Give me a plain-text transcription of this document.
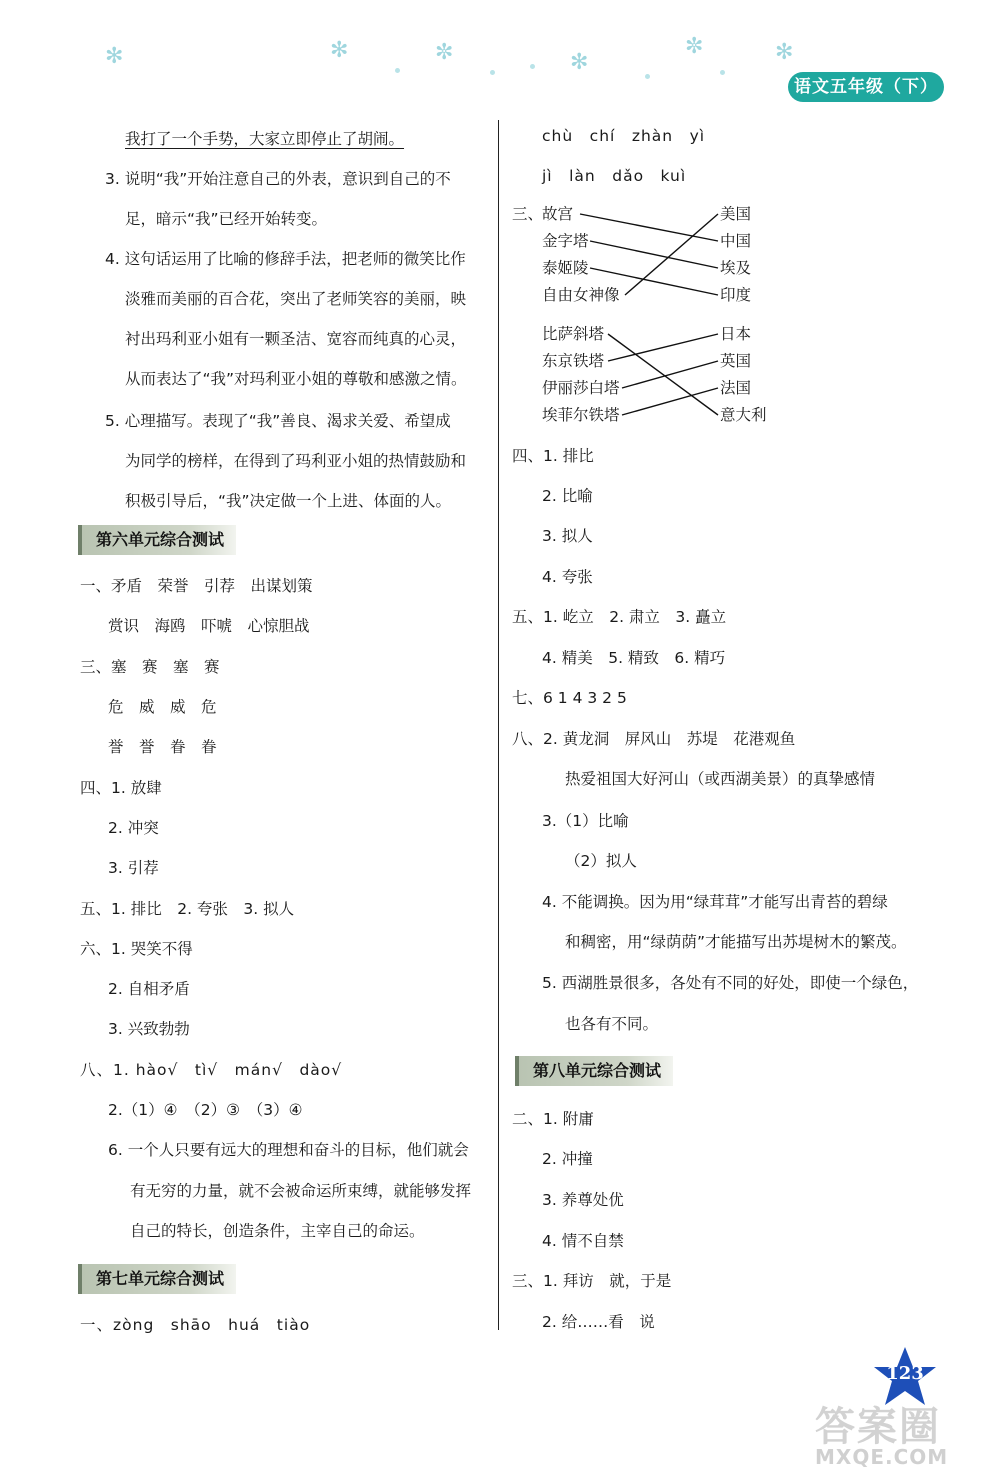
✻	✻	✼	✻
✼	✻
语文五年级（下）
我打了一个手势，大家立即停止了胡闹。
3. 说明“我”开始注意自己的外表，意识到自己的不
足，暗示“我”已经开始转变。
4. 这句话运用了比喻的修辞手法，把老师的微笑比作
淡雅而美丽的百合花，突出了老师笑容的美丽，映
衬出玛利亚小姐有一颗圣洁、宽容而纯真的心灵，
从而表达了“我”对玛利亚小姐的尊敬和感激之情。
5. 心理描写。表现了“我”善良、渴求关爱、希望成
为同学的榜样，在得到了玛利亚小姐的热情鼓励和
积极引导后，“我”决定做一个上进、体面的人。
第六单元综合测试
一、矛盾　荣誉　引荐　出谋划策
赏识　海鸥　吓唬　心惊胆战
三、塞　赛　塞　赛
危　威　威　危
誉　誉　眷　眷
四、1. 放肆
2. 冲突
3. 引荐
五、1. 排比　2. 夸张　3. 拟人
六、1. 哭笑不得
2. 自相矛盾
3. 兴致勃勃
八、1. hào√　tì√　mán√　dào√
2.（1）④　（2）③　（3）④
6. 一个人只要有远大的理想和奋斗的目标，他们就会
有无穷的力量，就不会被命运所束缚，就能够发挥
自己的特长，创造条件，主宰自己的命运。
第七单元综合测试
一、zòng　shāo　huá　tiào
chù　chí　zhàn　yì
jì　làn　dǎo　kuì
三、
故宫
金字塔
泰姬陵
自由女神像
美国
中国
埃及
印度
比萨斜塔
东京铁塔
伊丽莎白塔
埃菲尔铁塔
日本
英国
法国
意大利
四、1. 排比
2. 比喻
3. 拟人
4. 夸张
五、1. 屹立　2. 肃立　3. 矗立
4. 精美　5. 精致　6. 精巧
七、6 1 4 3 2 5
八、2. 黄龙洞　屏风山　苏堤　花港观鱼
热爱祖国大好河山（或西湖美景）的真挚感情
3.（1）比喻
（2）拟人
4. 不能调换。因为用“绿茸茸”才能写出青苔的碧绿
和稠密，用“绿荫荫”才能描写出苏堤树木的繁茂。
5. 西湖胜景很多，各处有不同的好处，即使一个绿色，
也各有不同。
第八单元综合测试
二、1. 附庸
2. 冲撞
3. 养尊处优
4. 情不自禁
三、1. 拜访　就，于是
2. 给……看　说
123
答案圈
MXQE.COM
